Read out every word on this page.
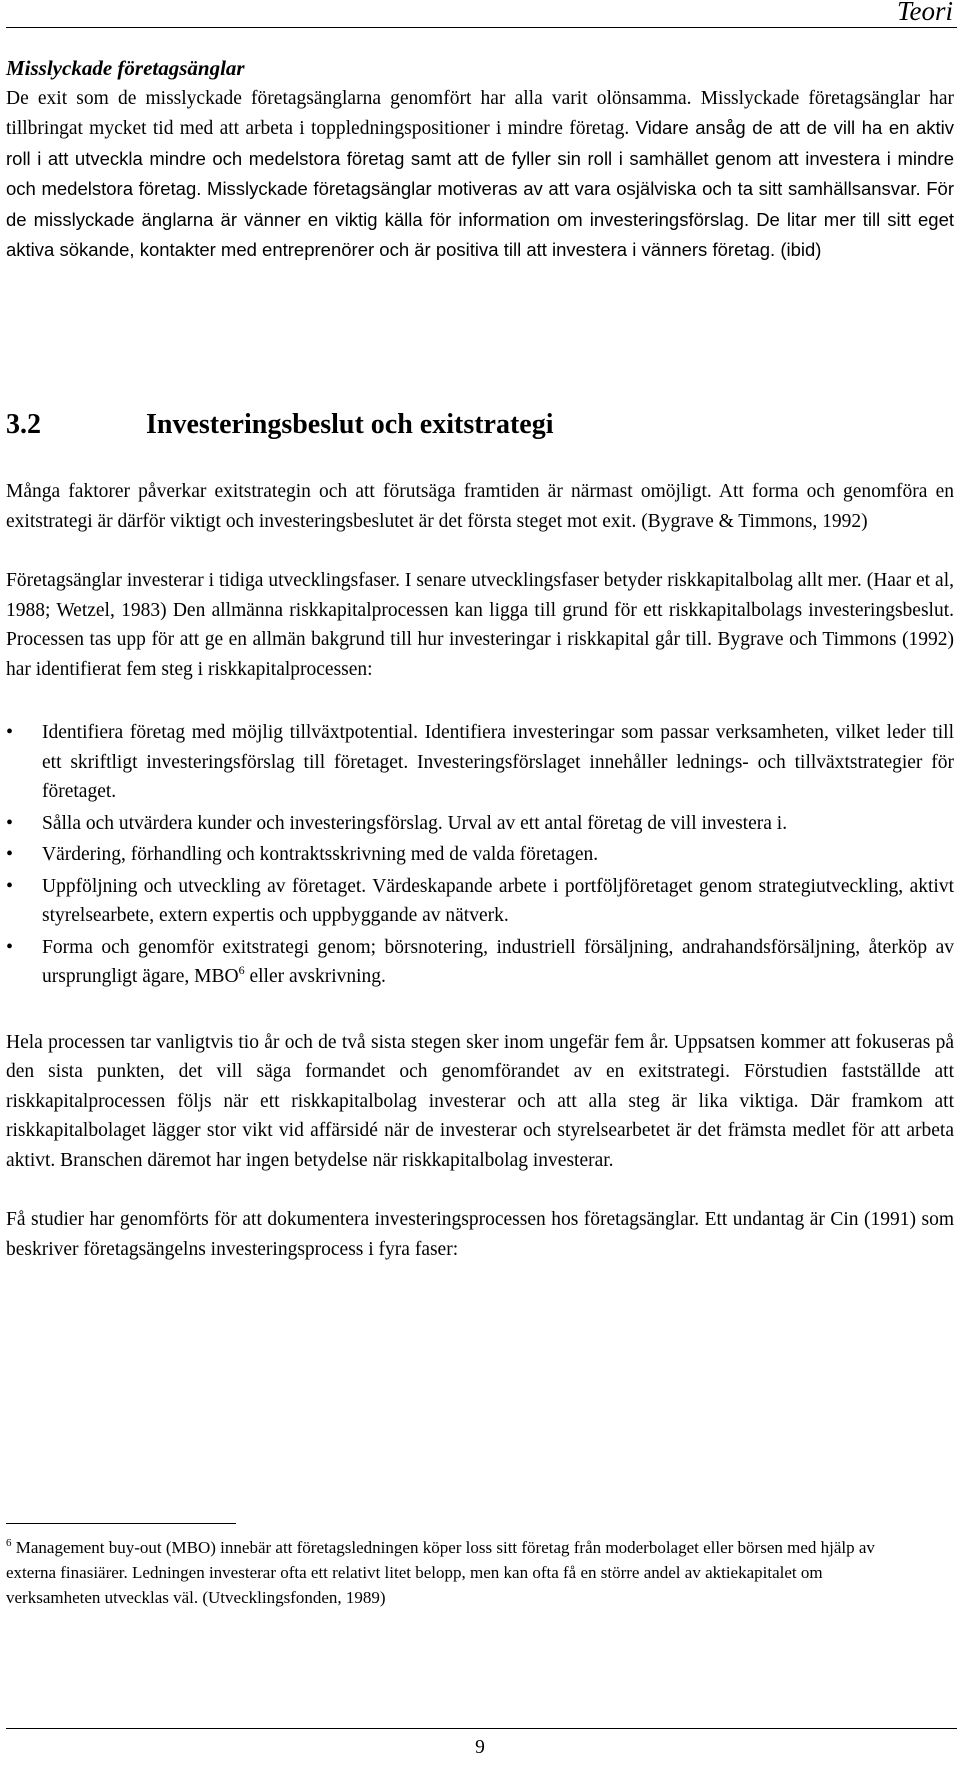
Teori

Misslyckade företagsänglar

De exit som de misslyckade företagsänglarna genomfört har alla varit olönsamma. Misslyckade företagsänglar har tillbringat mycket tid med att arbeta i toppledningspositioner i mindre företag. Vidare ansåg de att de vill ha en aktiv roll i att utveckla mindre och medelstora företag samt att de fyller sin roll i samhället genom att investera i mindre och medelstora företag. Misslyckade företagsänglar motiveras av att vara osjälviska och ta sitt samhällsansvar. För de misslyckade änglarna är vänner en viktig källa för information om investeringsförslag. De litar mer till sitt eget aktiva sökande, kontakter med entreprenörer och är positiva till att investera i vänners företag. (ibid)

3.2	Investeringsbeslut och exitstrategi

Många faktorer påverkar exitstrategin och att förutsäga framtiden är närmast omöjligt. Att forma och genomföra en exitstrategi är därför viktigt och investeringsbeslutet är det första steget mot exit. (Bygrave & Timmons, 1992)

Företagsänglar investerar i tidiga utvecklingsfaser. I senare utvecklingsfaser betyder riskkapitalbolag allt mer. (Haar et al, 1988; Wetzel, 1983) Den allmänna riskkapitalprocessen kan ligga till grund för ett riskkapitalbolags investeringsbeslut. Processen tas upp för att ge en allmän bakgrund till hur investeringar i riskkapital går till. Bygrave och Timmons (1992) har identifierat fem steg i riskkapitalprocessen:

•	Identifiera företag med möjlig tillväxtpotential. Identifiera investeringar som passar verksamheten, vilket leder till ett skriftligt investeringsförslag till företaget. Investeringsförslaget innehåller lednings- och tillväxtstrategier för företaget.
•	Sålla och utvärdera kunder och investeringsförslag. Urval av ett antal företag de vill investera i.
•	Värdering, förhandling och kontraktsskrivning med de valda företagen.
•	Uppföljning och utveckling av företaget. Värdeskapande arbete i portföljföretaget genom strategiutveckling, aktivt styrelsearbete, extern expertis och uppbyggande av nätverk.
•	Forma och genomför exitstrategi genom; börsnotering, industriell försäljning, andrahandsförsäljning, återköp av ursprungligt ägare, MBO$^6$ eller avskrivning.

Hela processen tar vanligtvis tio år och de två sista stegen sker inom ungefär fem år. Uppsatsen kommer att fokuseras på den sista punkten, det vill säga formandet och genomförandet av en exitstrategi. Förstudien fastställde att riskkapitalprocessen följs när ett riskkapitalbolag investerar och att alla steg är lika viktiga. Där framkom att riskkapitalbolaget lägger stor vikt vid affärsidé när de investerar och styrelsearbetet är det främsta medlet för att arbeta aktivt. Branschen däremot har ingen betydelse när riskkapitalbolag investerar.

Få studier har genomförts för att dokumentera investeringsprocessen hos företagsänglar. Ett undantag är Cin (1991) som beskriver företagsängelns investeringsprocess i fyra faser:

$^6$ Management buy-out (MBO) innebär att företagsledningen köper loss sitt företag från moderbolaget eller börsen med hjälp av externa finasiärer. Ledningen investerar ofta ett relativt litet belopp, men kan ofta få en större andel av aktiekapitalet om verksamheten utvecklas väl. (Utvecklingsfonden, 1989)

9
